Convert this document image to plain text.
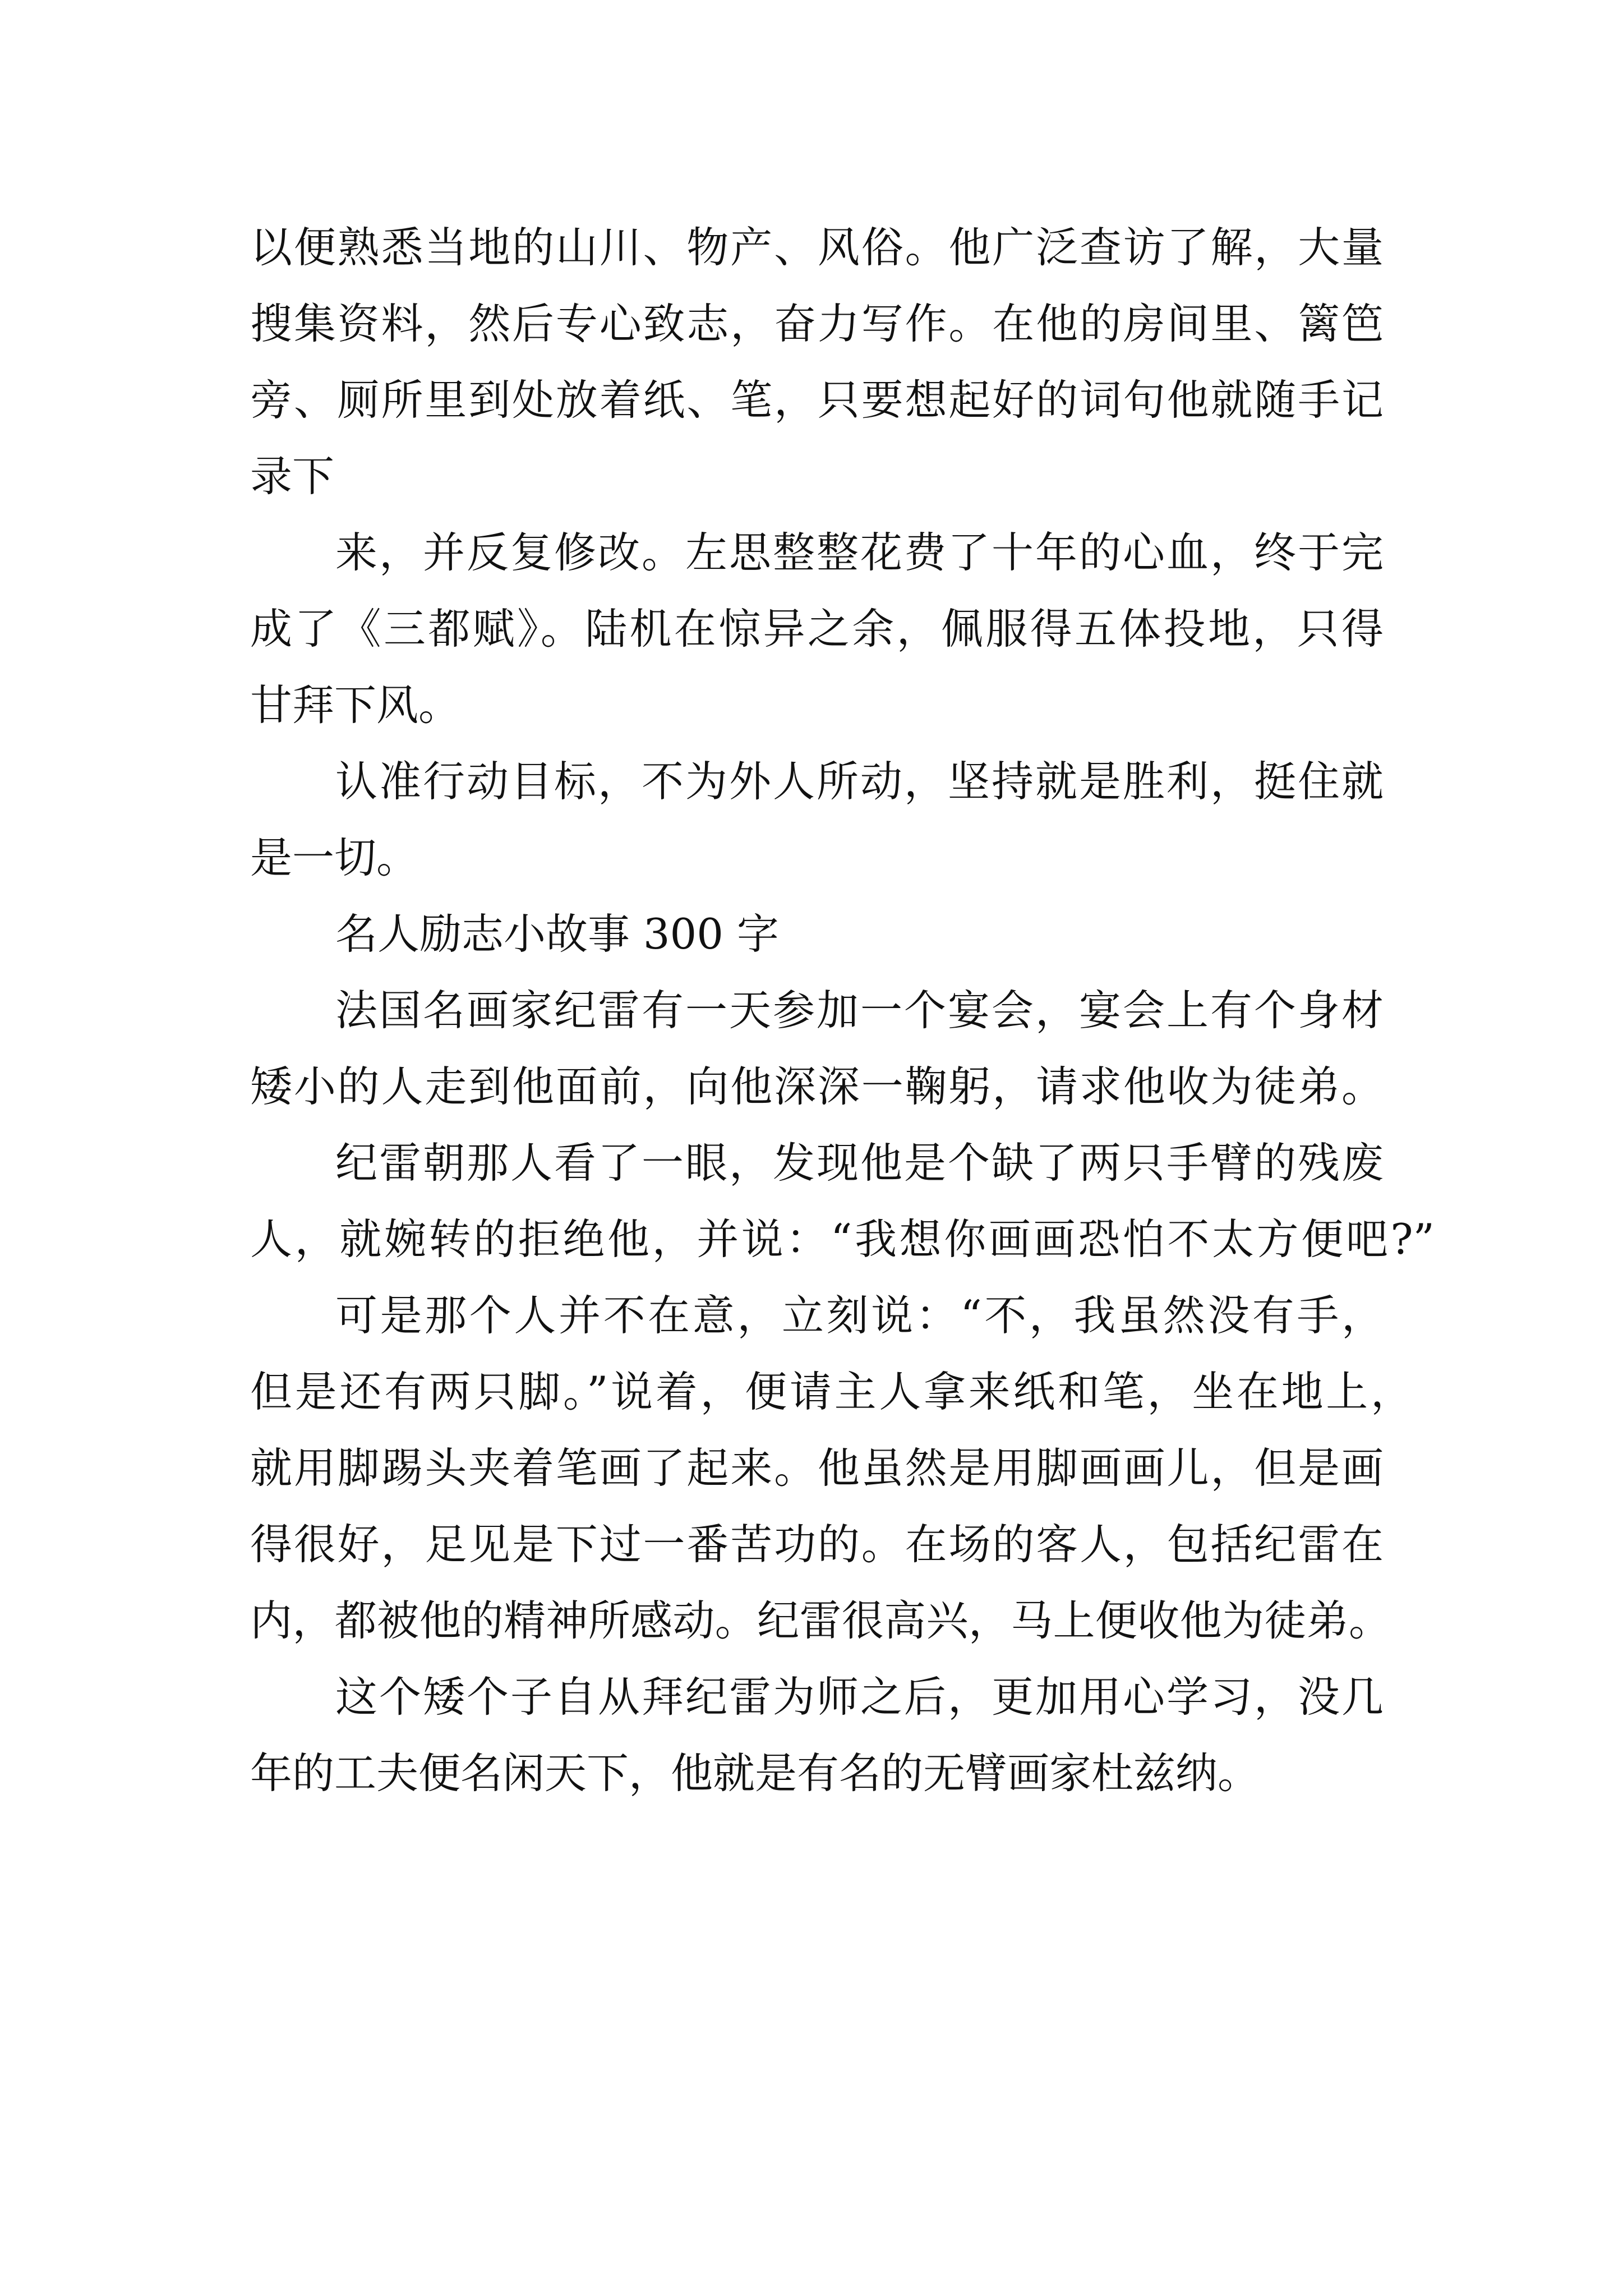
以便熟悉当地的山川、物产、风俗。他广泛查访了解，大量
搜集资料，然后专心致志，奋力写作。在他的房间里、篱笆
旁、厕所里到处放着纸、笔，只要想起好的词句他就随手记
录下
来，并反复修改。左思整整花费了十年的心血，终于完
成了《三都赋》。陆机在惊异之余，佩服得五体投地，只得
甘拜下风。
认准行动目标，不为外人所动，坚持就是胜利，挺住就
是一切。
名人励志小故事 300 字
法国名画家纪雷有一天参加一个宴会，宴会上有个身材
矮小的人走到他面前，向他深深一鞠躬，请求他收为徒弟。
纪雷朝那人看了一眼，发现他是个缺了两只手臂的残废
人，就婉转的拒绝他，并说：“我想你画画恐怕不太方便吧?”
可是那个人并不在意，立刻说：“不，我虽然没有手，
但是还有两只脚。”说着，便请主人拿来纸和笔，坐在地上，
就用脚踢头夹着笔画了起来。他虽然是用脚画画儿，但是画
得很好，足见是下过一番苦功的。在场的客人，包括纪雷在
内，都被他的精神所感动。纪雷很高兴，马上便收他为徒弟。
这个矮个子自从拜纪雷为师之后，更加用心学习，没几
年的工夫便名闲天下，他就是有名的无臂画家杜兹纳。
